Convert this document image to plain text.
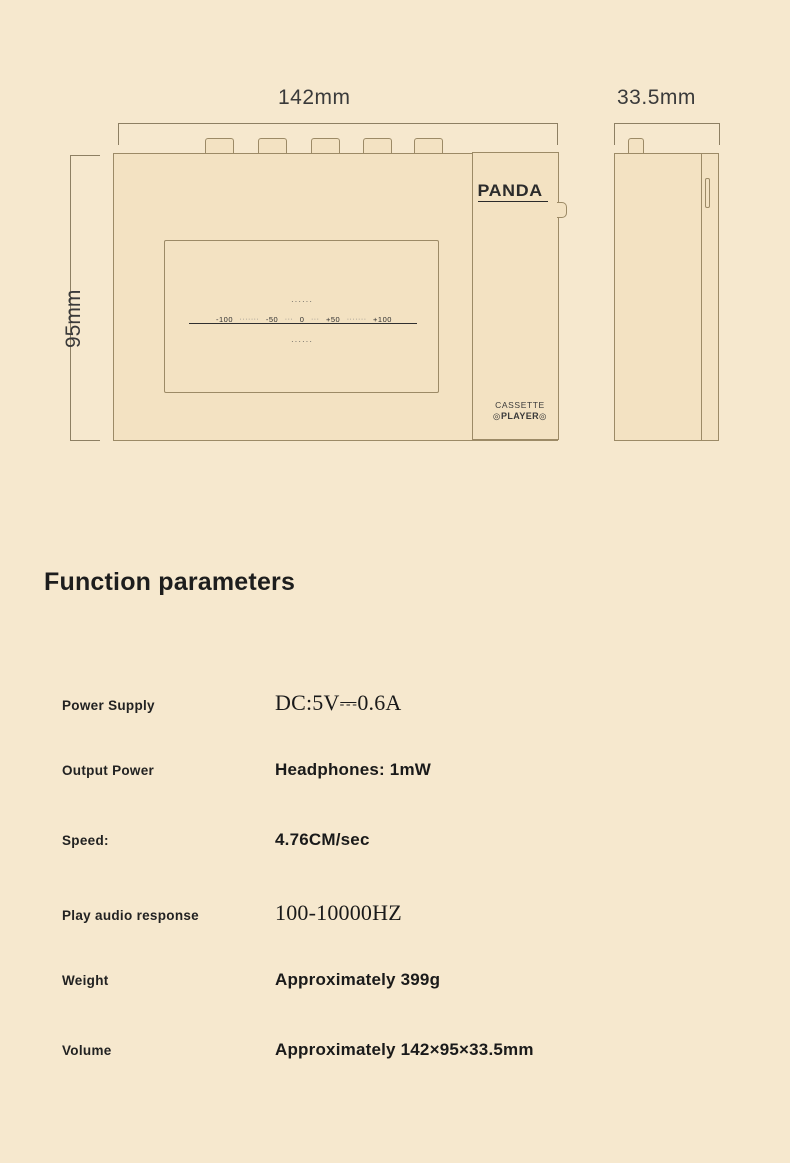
142mm	33.5mm
95mm	······
-100 ······· -50 ··· 0 ··· +50 ······· +100
······
PANDA
CASSETTE
◎PLAYER◎
Function parameters
Power Supply	DC:5V⎓0.6A
Output Power	Headphones: 1mW
Speed:	4.76CM/sec
Play audio response	100-10000HZ
Weight	Approximately 399g
Volume	Approximately 142×95×33.5mm
